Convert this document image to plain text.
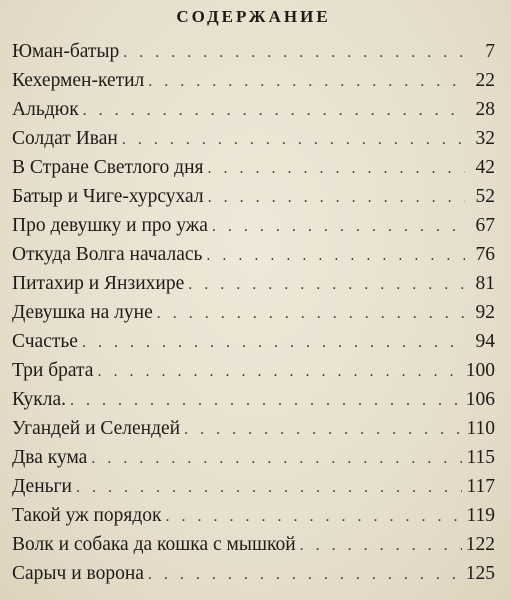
СОДЕРЖАНИЕ
Юман-батыр . . .	7
Кехермен-кетил . . .	22
Альдюк . . .	28
Солдат Иван . . .	32
В Стране Светлого дня . . .	42
Батыр и Чиге-хурсухал . . .	52
Про девушку и про ужа . . .	67
Откуда Волга началась . . .	76
Питахир и Янзихире . . .	81
Девушка на луне . . .	92
Счастье . . .	94
Три брата . . .	100
Кукла. . . .	106
Угандей и Селендей . . .	110
Два кума . . .	115
Деньги . . .	117
Такой уж порядок . . .	119
Волк и собака да кошка с мышкой . . .	122
Сарыч и ворона . . .	125
